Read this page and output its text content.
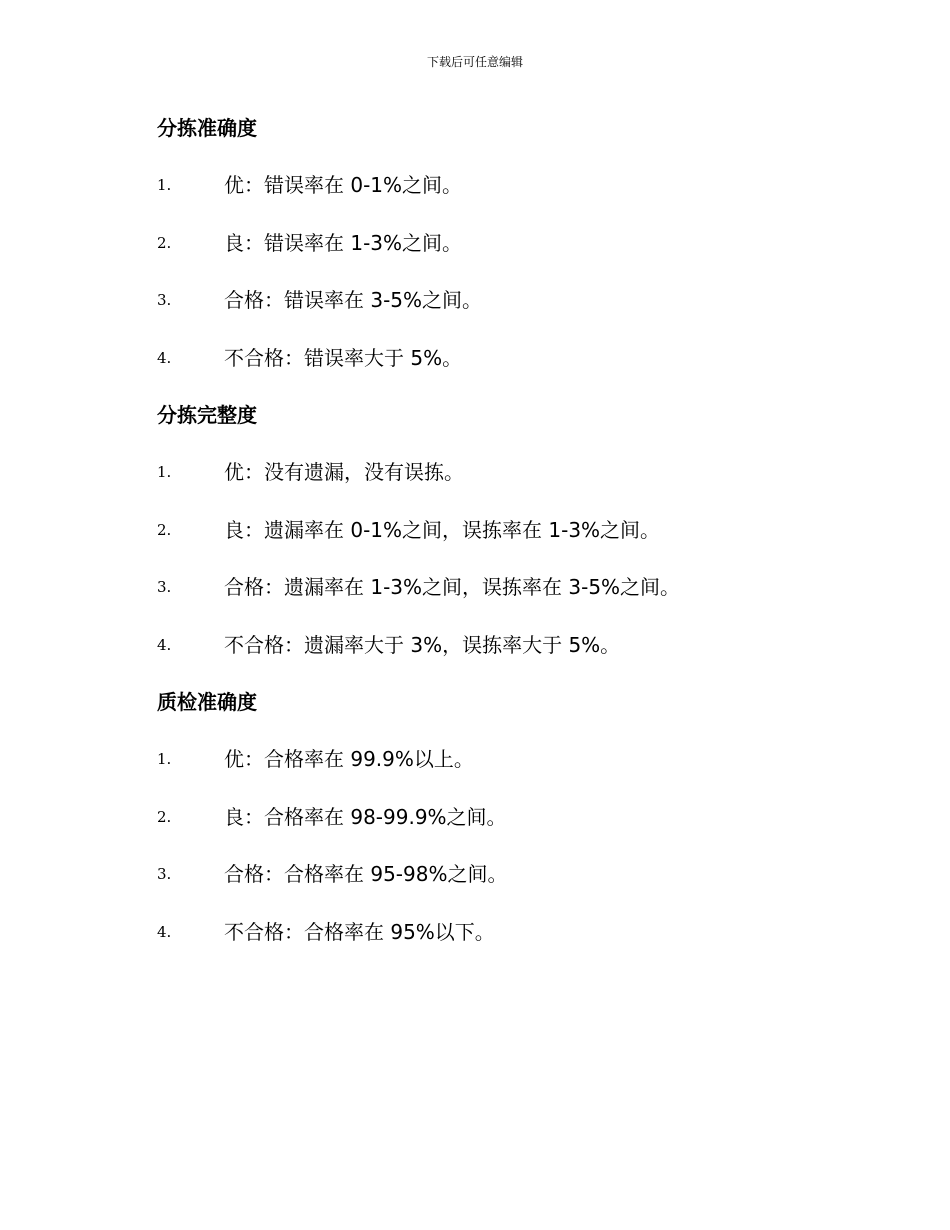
下载后可任意编辑
分拣准确度
1.	优：错误率在 0-1%之间。
2.	良：错误率在 1-3%之间。
3.	合格：错误率在 3-5%之间。
4.	不合格：错误率大于 5%。
分拣完整度
1.	优：没有遗漏，没有误拣。
2.	良：遗漏率在 0-1%之间，误拣率在 1-3%之间。
3.	合格：遗漏率在 1-3%之间，误拣率在 3-5%之间。
4.	不合格：遗漏率大于 3%，误拣率大于 5%。
质检准确度
1.	优：合格率在 99.9%以上。
2.	良：合格率在 98-99.9%之间。
3.	合格：合格率在 95-98%之间。
4.	不合格：合格率在 95%以下。
